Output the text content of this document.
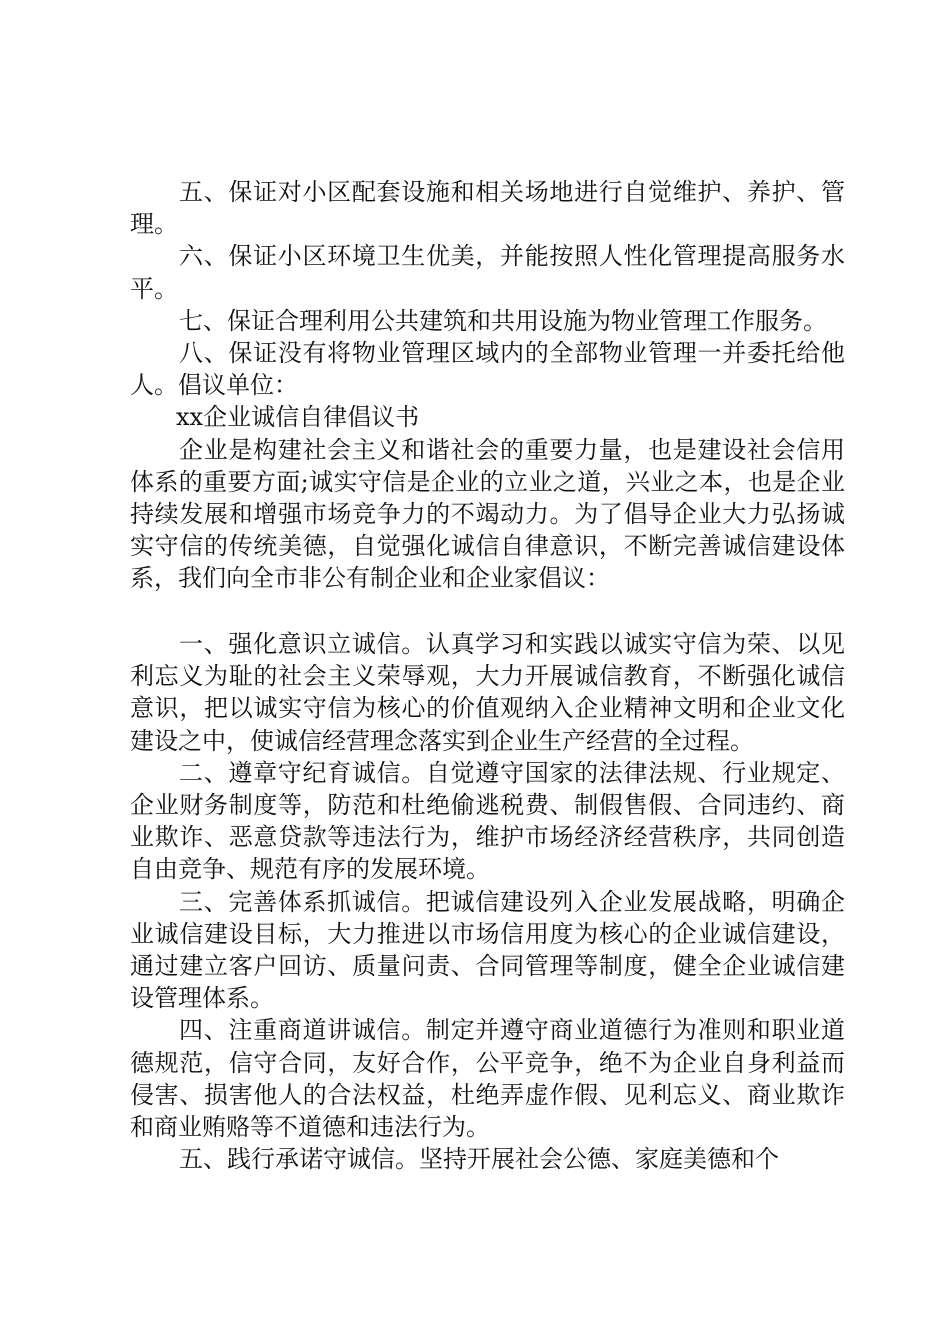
五、保证对小区配套设施和相关场地进行自觉维护、养护、管理。

六、保证小区环境卫生优美，并能按照人性化管理提高服务水平。

七、保证合理利用公共建筑和共用设施为物业管理工作服务。

八、保证没有将物业管理区域内的全部物业管理一并委托给他人。倡议单位：

xx企业诚信自律倡议书

企业是构建社会主义和谐社会的重要力量，也是建设社会信用体系的重要方面;诚实守信是企业的立业之道，兴业之本，也是企业持续发展和增强市场竞争力的不竭动力。为了倡导企业大力弘扬诚实守信的传统美德，自觉强化诚信自律意识，不断完善诚信建设体系，我们向全市非公有制企业和企业家倡议：

一、强化意识立诚信。认真学习和实践以诚实守信为荣、以见利忘义为耻的社会主义荣辱观，大力开展诚信教育，不断强化诚信意识，把以诚实守信为核心的价值观纳入企业精神文明和企业文化建设之中，使诚信经营理念落实到企业生产经营的全过程。

二、遵章守纪育诚信。自觉遵守国家的法律法规、行业规定、企业财务制度等，防范和杜绝偷逃税费、制假售假、合同违约、商业欺诈、恶意贷款等违法行为，维护市场经济经营秩序，共同创造自由竞争、规范有序的发展环境。

三、完善体系抓诚信。把诚信建设列入企业发展战略，明确企业诚信建设目标，大力推进以市场信用度为核心的企业诚信建设，通过建立客户回访、质量问责、合同管理等制度，健全企业诚信建设管理体系。

四、注重商道讲诚信。制定并遵守商业道德行为准则和职业道德规范，信守合同，友好合作，公平竞争，绝不为企业自身利益而侵害、损害他人的合法权益，杜绝弄虚作假、见利忘义、商业欺诈和商业贿赂等不道德和违法行为。

五、践行承诺守诚信。坚持开展社会公德、家庭美德和个
